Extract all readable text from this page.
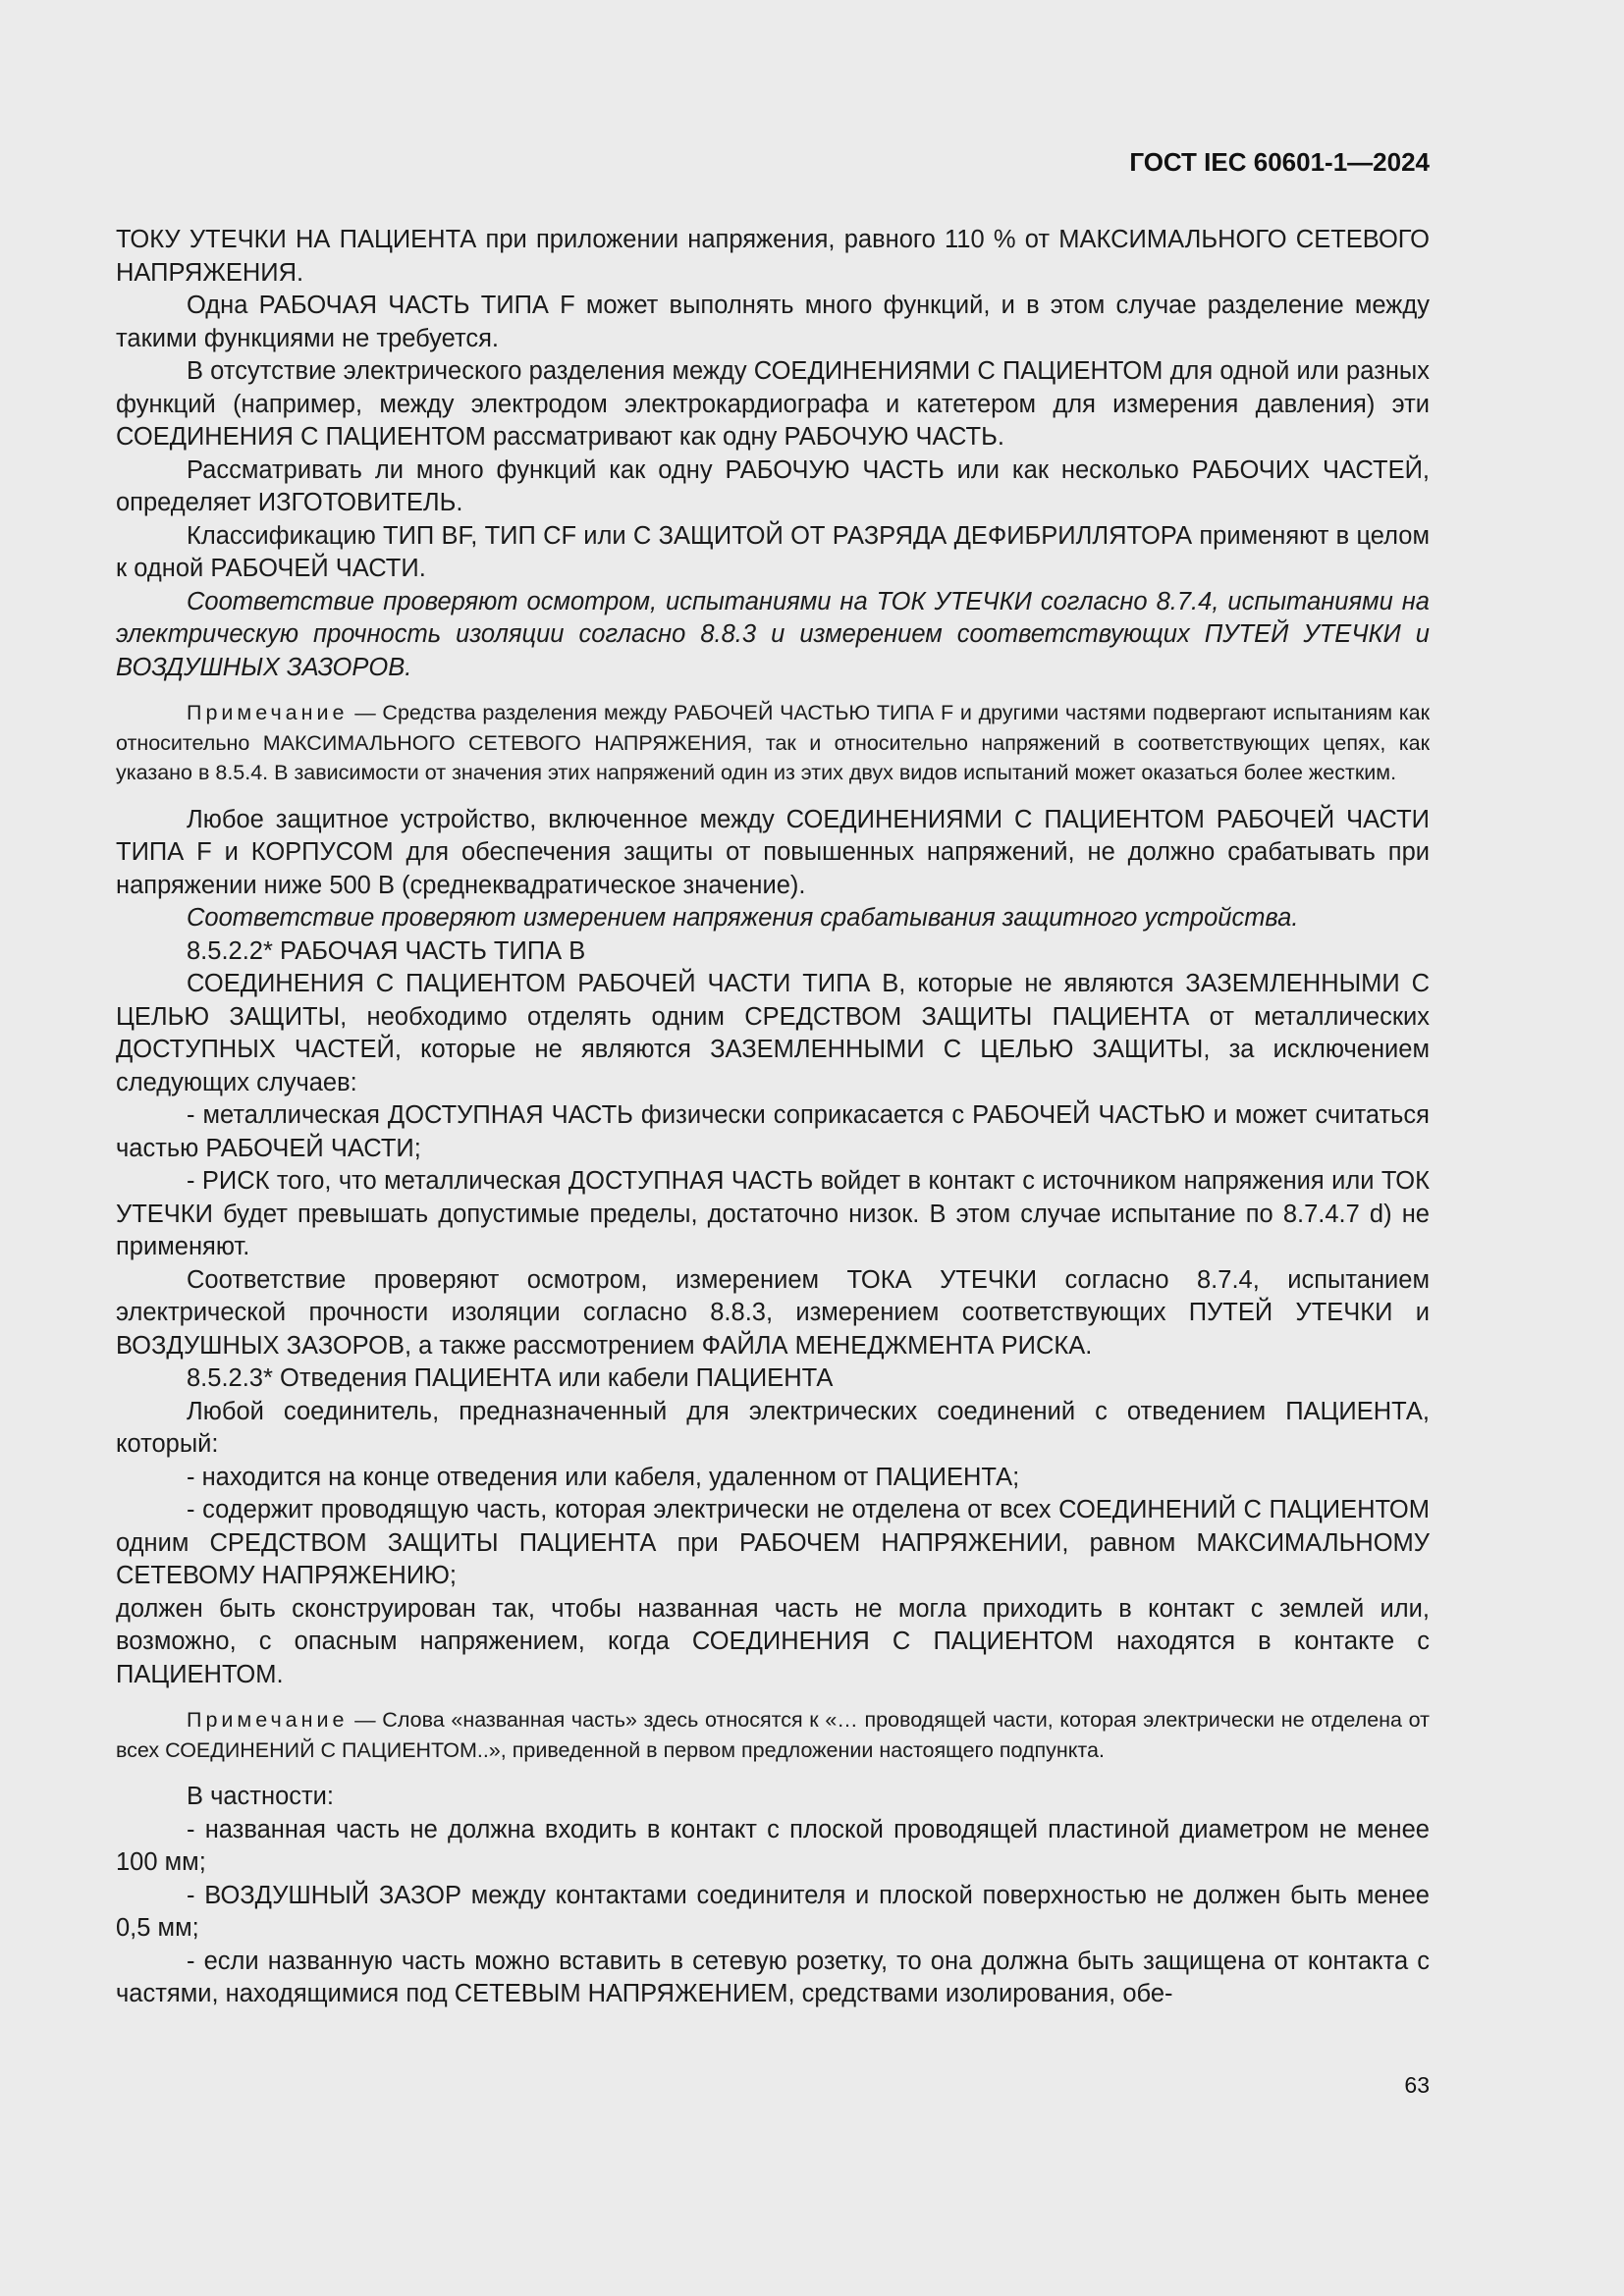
ГОСТ IEC 60601-1—2024

ТОКУ УТЕЧКИ НА ПАЦИЕНТА при приложении напряжения, равного 110 % от МАКСИМАЛЬНОГО СЕТЕВОГО НАПРЯЖЕНИЯ.

Одна РАБОЧАЯ ЧАСТЬ ТИПА F может выполнять много функций, и в этом случае разделение между такими функциями не требуется.

В отсутствие электрического разделения между СОЕДИНЕНИЯМИ С ПАЦИЕНТОМ для одной или разных функций (например, между электродом электрокардиографа и катетером для измерения давления) эти СОЕДИНЕНИЯ С ПАЦИЕНТОМ рассматривают как одну РАБОЧУЮ ЧАСТЬ.

Рассматривать ли много функций как одну РАБОЧУЮ ЧАСТЬ или как несколько РАБОЧИХ ЧАСТЕЙ, определяет ИЗГОТОВИТЕЛЬ.

Классификацию ТИП BF, ТИП CF или С ЗАЩИТОЙ ОТ РАЗРЯДА ДЕФИБРИЛЛЯТОРА применяют в целом к одной РАБОЧЕЙ ЧАСТИ.

Соответствие проверяют осмотром, испытаниями на ТОК УТЕЧКИ согласно 8.7.4, испытаниями на электрическую прочность изоляции согласно 8.8.3 и измерением соответствующих ПУТЕЙ УТЕЧКИ и ВОЗДУШНЫХ ЗАЗОРОВ.

Примечание — Средства разделения между РАБОЧЕЙ ЧАСТЬЮ ТИПА F и другими частями подвергают испытаниям как относительно МАКСИМАЛЬНОГО СЕТЕВОГО НАПРЯЖЕНИЯ, так и относительно напряжений в соответствующих цепях, как указано в 8.5.4. В зависимости от значения этих напряжений один из этих двух видов испытаний может оказаться более жестким.

Любое защитное устройство, включенное между СОЕДИНЕНИЯМИ С ПАЦИЕНТОМ РАБОЧЕЙ ЧАСТИ ТИПА F и КОРПУСОМ для обеспечения защиты от повышенных напряжений, не должно срабатывать при напряжении ниже 500 В (среднеквадратическое значение).

Соответствие проверяют измерением напряжения срабатывания защитного устройства.

8.5.2.2* РАБОЧАЯ ЧАСТЬ ТИПА B

СОЕДИНЕНИЯ С ПАЦИЕНТОМ РАБОЧЕЙ ЧАСТИ ТИПА B, которые не являются ЗАЗЕМЛЕННЫМИ С ЦЕЛЬЮ ЗАЩИТЫ, необходимо отделять одним СРЕДСТВОМ ЗАЩИТЫ ПАЦИЕНТА от металлических ДОСТУПНЫХ ЧАСТЕЙ, которые не являются ЗАЗЕМЛЕННЫМИ С ЦЕЛЬЮ ЗАЩИТЫ, за исключением следующих случаев:

- металлическая ДОСТУПНАЯ ЧАСТЬ физически соприкасается с РАБОЧЕЙ ЧАСТЬЮ и может считаться частью РАБОЧЕЙ ЧАСТИ;

- РИСК того, что металлическая ДОСТУПНАЯ ЧАСТЬ войдет в контакт с источником напряжения или ТОК УТЕЧКИ будет превышать допустимые пределы, достаточно низок. В этом случае испытание по 8.7.4.7 d) не применяют.

Соответствие проверяют осмотром, измерением ТОКА УТЕЧКИ согласно 8.7.4, испытанием электрической прочности изоляции согласно 8.8.3, измерением соответствующих ПУТЕЙ УТЕЧКИ и ВОЗДУШНЫХ ЗАЗОРОВ, а также рассмотрением ФАЙЛА МЕНЕДЖМЕНТА РИСКА.

8.5.2.3* Отведения ПАЦИЕНТА или кабели ПАЦИЕНТА

Любой соединитель, предназначенный для электрических соединений с отведением ПАЦИЕНТА, который:

- находится на конце отведения или кабеля, удаленном от ПАЦИЕНТА;

- содержит проводящую часть, которая электрически не отделена от всех СОЕДИНЕНИЙ С ПАЦИЕНТОМ одним СРЕДСТВОМ ЗАЩИТЫ ПАЦИЕНТА при РАБОЧЕМ НАПРЯЖЕНИИ, равном МАКСИМАЛЬНОМУ СЕТЕВОМУ НАПРЯЖЕНИЮ;

должен быть сконструирован так, чтобы названная часть не могла приходить в контакт с землей или, возможно, с опасным напряжением, когда СОЕДИНЕНИЯ С ПАЦИЕНТОМ находятся в контакте с ПАЦИЕНТОМ.

Примечание — Слова «названная часть» здесь относятся к «… проводящей части, которая электрически не отделена от всех СОЕДИНЕНИЙ С ПАЦИЕНТОМ..», приведенной в первом предложении настоящего подпункта.

В частности:

- названная часть не должна входить в контакт с плоской проводящей пластиной диаметром не менее 100 мм;

- ВОЗДУШНЫЙ ЗАЗОР между контактами соединителя и плоской поверхностью не должен быть менее 0,5 мм;

- если названную часть можно вставить в сетевую розетку, то она должна быть защищена от контакта с частями, находящимися под СЕТЕВЫМ НАПРЯЖЕНИЕМ, средствами изолирования, обе-

63
